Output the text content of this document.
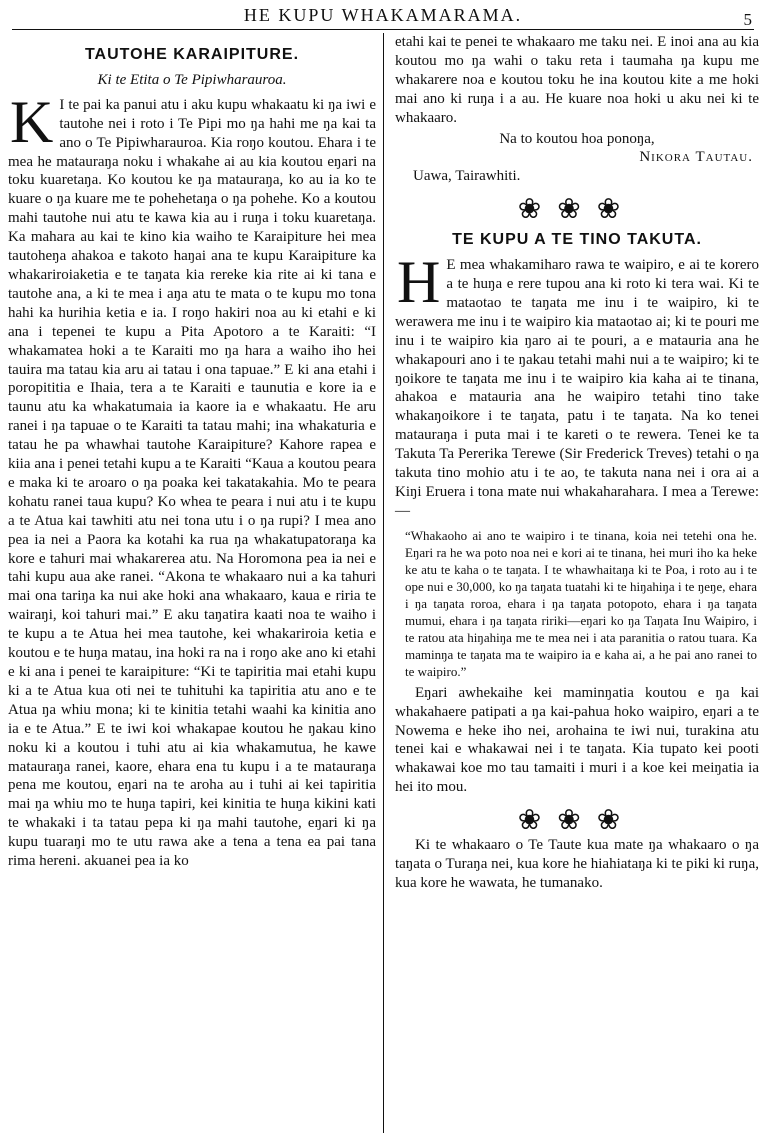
HE KUPU WHAKAMARAMA.	5
TAUTOHE KARAIPITURE.
Ki te Etita o Te Pipiwharauroa.

K I te pai ka panui atu i aku kupu whakaatu ki ŋa iwi e tautohe nei i roto i Te Pipi mo ŋa hahi me ŋa kai ta ano o Te Pipiwharauroa. Kia roŋo koutou. Ehara i te mea he matauraŋa noku i whakahe ai au kia koutou eŋari na toku kuaretaŋa. Ko koutou ke ŋa matauraŋa, ko au ia ko te kuare o ŋa kuare me te pohehetaŋa o ŋa pohehe. Ko a koutou mahi tautohe nui atu te kawa kia au i ruŋa i toku kuaretaŋa. Ka mahara au kai te kino kia waiho te Karaipiture hei mea tautoheŋa ahakoa e takoto haŋai ana te kupu Karaipiture ka whakariroiaketia e te taŋata kia rereke kia rite ai ki tana e tautohe ana, a ki te mea i aŋa atu te mata o te kupu mo tona hahi ka hurihia ketia e ia. I roŋo hakiri noa au ki etahi e ki ana i tepenei te kupu a Pita Apotoro a te Karaiti: “I whakamatea hoki a te Karaiti mo ŋa hara a waiho iho hei tauira ma tatau kia aru ai tatau i ona tapuae.” E ki ana etahi i poropititia e Ihaia, tera a te Karaiti e taunutia e kore ia e taunu atu ka whakatumaia ia kaore ia e whakaatu. He aru ranei i ŋa tapuae o te Karaiti ta tatau mahi; ina whakaturia e tatau he pa whawhai tautohe Karaipiture? Kahore rapea e kiia ana i penei tetahi kupu a te Karaiti “Kaua a koutou peara e maka ki te aroaro o ŋa poaka kei takatakahia. Mo te peara kohatu ranei taua kupu? Ko whea te peara i nui atu i te kupu a te Atua kai tawhiti atu nei tona utu i o ŋa rupi? I mea ano pea ia nei a Paora ka kotahi ka rua ŋa whakatupatoraŋa ka kore e tahuri mai whakarerea atu. Na Horomona pea ia nei e tahi kupu aua ake ranei. “Akona te whakaaro nui a ka tahuri mai ona tariŋa ka nui ake hoki ana whakaaro, kaua e riria te wairaŋi, koi tahuri mai.” E aku taŋatira kaati noa te waiho i te kupu a te Atua hei mea tautohe, kei whakariroia ketia e koutou e te huŋa matau, ina hoki ra na i roŋo ake ano ki etahi e ki ana i penei te karaipiture: “Ki te tapiritia mai etahi kupu ki a te Atua kua oti nei te tuhituhi ka tapiritia atu ano e te Atua ŋa whiu mona; ki te kinitia tetahi waahi ka kinitia ano ia e te Atua.” E te iwi koi whakapae koutou he ŋakau kino noku ki a koutou i tuhi atu ai kia whakamutua, he kawe matauraŋa ranei, kaore, ehara ena tu kupu i a te matauraŋa pena me koutou, eŋari na te aroha au i tuhi ai kei tapiritia mai ŋa whiu mo te huŋa tapiri, kei kinitia te huŋa kikini kati te whakaki i ta tatau pepa ki ŋa mahi tautohe, eŋari ki ŋa kupu tuaraŋi mo te utu rawa ake a tena a tena ea pai tana rima hereni. akuanei pea ia ko

etahi kai te penei te whakaaro me taku nei. E inoi ana au kia koutou mo ŋa wahi o taku reta i taumaha ŋa kupu me whakarere noa e koutou toku he ina koutou kite a me hoki mai ano ki ruŋa i a au. He kuare noa hoki u aku nei ki te whakaaro.

Na to koutou hoa ponoŋa,
Nikora Tautau.
Uawa, Tairawhiti.
❀❀❀
TE KUPU A TE TINO TAKUTA.

H E mea whakamiharo rawa te waipiro, e ai te korero a te huŋa e rere tupou ana ki roto ki tera wai. Ki te mataotao te taŋata me inu i te waipiro, ki te werawera me inu i te waipiro kia mataotao ai; ki te pouri me inu i te waipiro kia ŋaro ai te pouri, a e matauria ana he whakapouri ano i te ŋakau tetahi mahi nui a te waipiro; ki te ŋoikore te taŋata me inu i te waipiro kia kaha ai te tinana, ahakoa e matauria ana he waipiro tetahi tino take whakaŋoikore i te taŋata, patu i te taŋata. Na ko tenei matauraŋa i puta mai i te kareti o te rewera. Tenei ke ta Takuta Ta Pererika Terewe (Sir Frederick Treves) tetahi o ŋa takuta tino mohio atu i te ao, te takuta nana nei i ora ai a Kiŋi Eruera i tona mate nui whakaharahara. I mea a Terewe:—

“Whakaoho ai ano te waipiro i te tinana, koia nei tetehi ona he. Eŋari ra he wa poto noa nei e kori ai te tinana, hei muri iho ka heke ke atu te kaha o te taŋata. I te whawhaitaŋa ki te Poa, i roto au i te ope nui e 30,000, ko ŋa taŋata tuatahi ki te hiŋahiŋa i te ŋeŋe, ehara i ŋa taŋata roroa, ehara i ŋa taŋata potopoto, ehara i ŋa taŋata mumui, ehara i ŋa taŋata ririki—eŋari ko ŋa Taŋata Inu Waipiro, i te ratou ata hiŋahiŋa me te mea nei i ata paranitia o ratou tuara. Ka maminŋa te taŋata ma te waipiro ia e kaha ai, a he pai ano ranei to te waipiro.”

Eŋari awhekaihe kei maminŋatia koutou e ŋa kai whakahaere patipati a ŋa kai-pahua hoko waipiro, eŋari a te Nowema e heke iho nei, arohaina te iwi nui, turakina atu tenei kai e whakawai nei i te taŋata. Kia tupato kei pooti whakawai koe mo tau tamaiti i muri i a koe kei meiŋatia ia hei ito mou.

❀❀❀

Ki te whakaaro o Te Taute kua mate ŋa whakaaro o ŋa taŋata o Turaŋa nei, kua kore he hiahiataŋa ki te piki ki ruŋa, kua kore he wawata, he tumanako.
